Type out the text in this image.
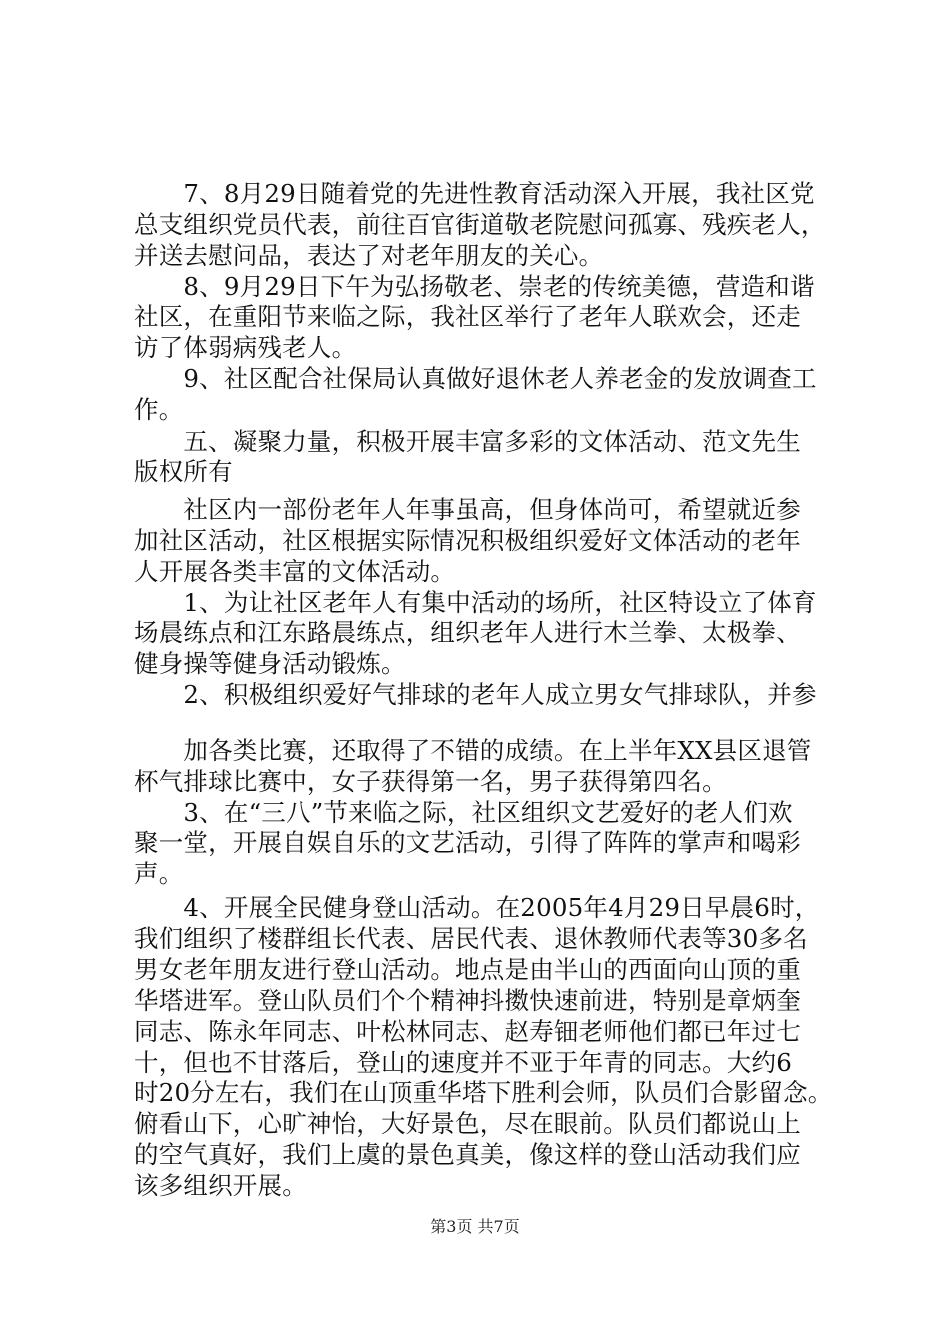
　　7、8月29日随着党的先进性教育活动深入开展，我社区党
总支组织党员代表，前往百官街道敬老院慰问孤寡、残疾老人，
并送去慰问品，表达了对老年朋友的关心。
　　8、9月29日下午为弘扬敬老、崇老的传统美德，营造和谐
社区，在重阳节来临之际，我社区举行了老年人联欢会，还走
访了体弱病残老人。
　　9、社区配合社保局认真做好退休老人养老金的发放调查工
作。
　　五、凝聚力量，积极开展丰富多彩的文体活动、范文先生
版权所有
　　社区内一部份老年人年事虽高，但身体尚可，希望就近参
加社区活动，社区根据实际情况积极组织爱好文体活动的老年
人开展各类丰富的文体活动。
　　1、为让社区老年人有集中活动的场所，社区特设立了体育
场晨练点和江东路晨练点，组织老年人进行木兰拳、太极拳、
健身操等健身活动锻炼。
　　2、积极组织爱好气排球的老年人成立男女气排球队，并参
　　加各类比赛，还取得了不错的成绩。在上半年XX县区退管
杯气排球比赛中，女子获得第一名，男子获得第四名。
　　3、在“三八”节来临之际，社区组织文艺爱好的老人们欢
聚一堂，开展自娱自乐的文艺活动，引得了阵阵的掌声和喝彩
声。
　　4、开展全民健身登山活动。在2005年4月29日早晨6时，
我们组织了楼群组长代表、居民代表、退休教师代表等30多名
男女老年朋友进行登山活动。地点是由半山的西面向山顶的重
华塔进军。登山队员们个个精神抖擞快速前进，特别是章炳奎
同志、陈永年同志、叶松林同志、赵寿钿老师他们都已年过七
十，但也不甘落后，登山的速度并不亚于年青的同志。大约6
时20分左右，我们在山顶重华塔下胜利会师，队员们合影留念。
俯看山下，心旷神怡，大好景色，尽在眼前。队员们都说山上
的空气真好，我们上虞的景色真美，像这样的登山活动我们应
该多组织开展。
第3页 共7页
